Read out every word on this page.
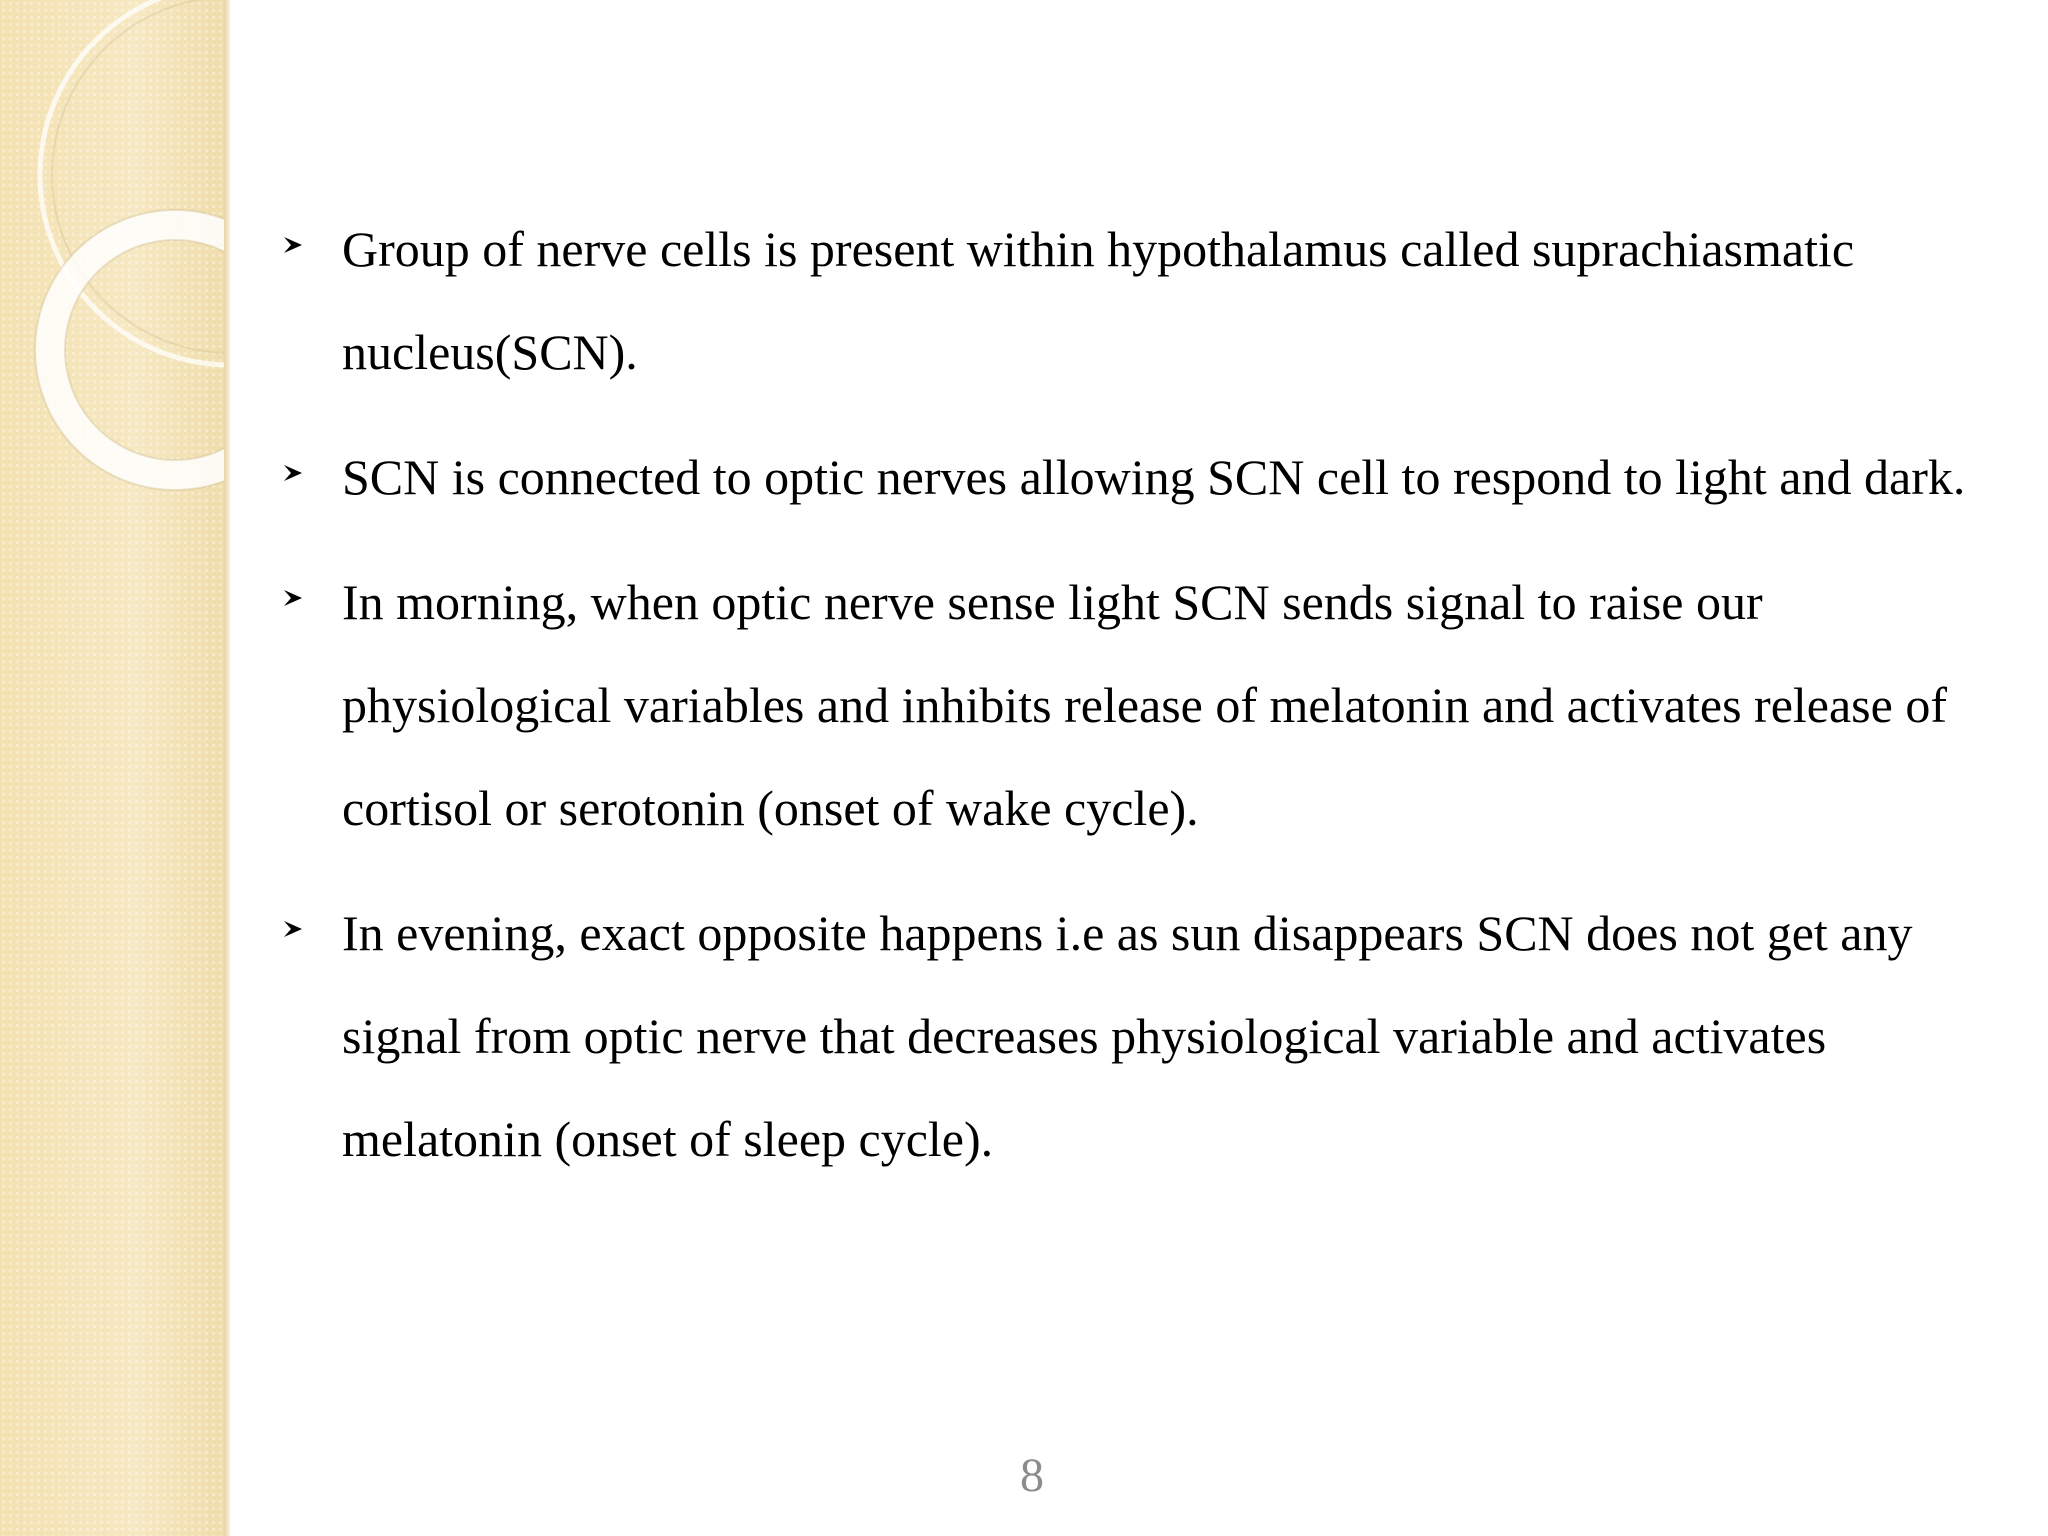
Group of nerve cells is present within hypothalamus called suprachiasmatic nucleus(SCN).

SCN is connected to optic nerves allowing SCN cell to respond to light and dark.

In morning, when optic nerve sense light SCN sends signal to raise our physiological variables and inhibits release of melatonin and activates release of cortisol or serotonin (onset of wake cycle).

In evening, exact opposite happens i.e as sun disappears SCN does not get any signal from optic nerve that decreases physiological variable and activates melatonin (onset of sleep cycle).

8
